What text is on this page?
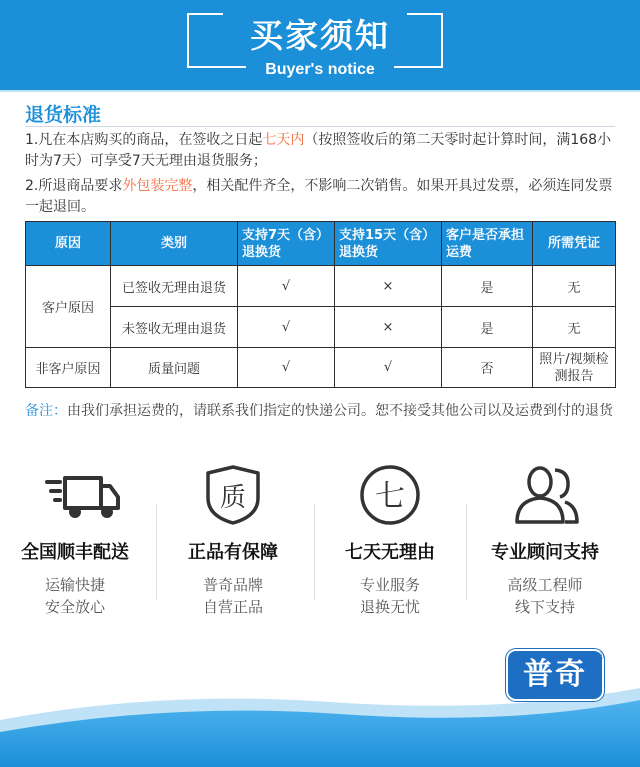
买家须知
Buyer's notice
退货标准
1.凡在本店购买的商品，在签收之日起七天内（按照签收后的第二天零时起计算时间，满168小时为7天）可享受7天无理由退货服务；
2.所退商品要求外包装完整，相关配件齐全，不影响二次销售。如果开具过发票，必须连同发票一起退回。
原因	类别	支持7天（含）退换货	支持15天（含）退换货	客户是否承担运费	所需凭证
客户原因	已签收无理由退货	√	×	是	无
	未签收无理由退货	√	×	是	无
非客户原因	质量问题	√	√	否	照片/视频检测报告
备注：由我们承担运费的，请联系我们指定的快递公司。恕不接受其他公司以及运费到付的退货
全国顺丰配送
运输快捷
安全放心
质
正品有保障
普奇品牌
自营正品
七
七天无理由
专业服务
退换无忧
专业顾问支持
高级工程师
线下支持
普奇	®
